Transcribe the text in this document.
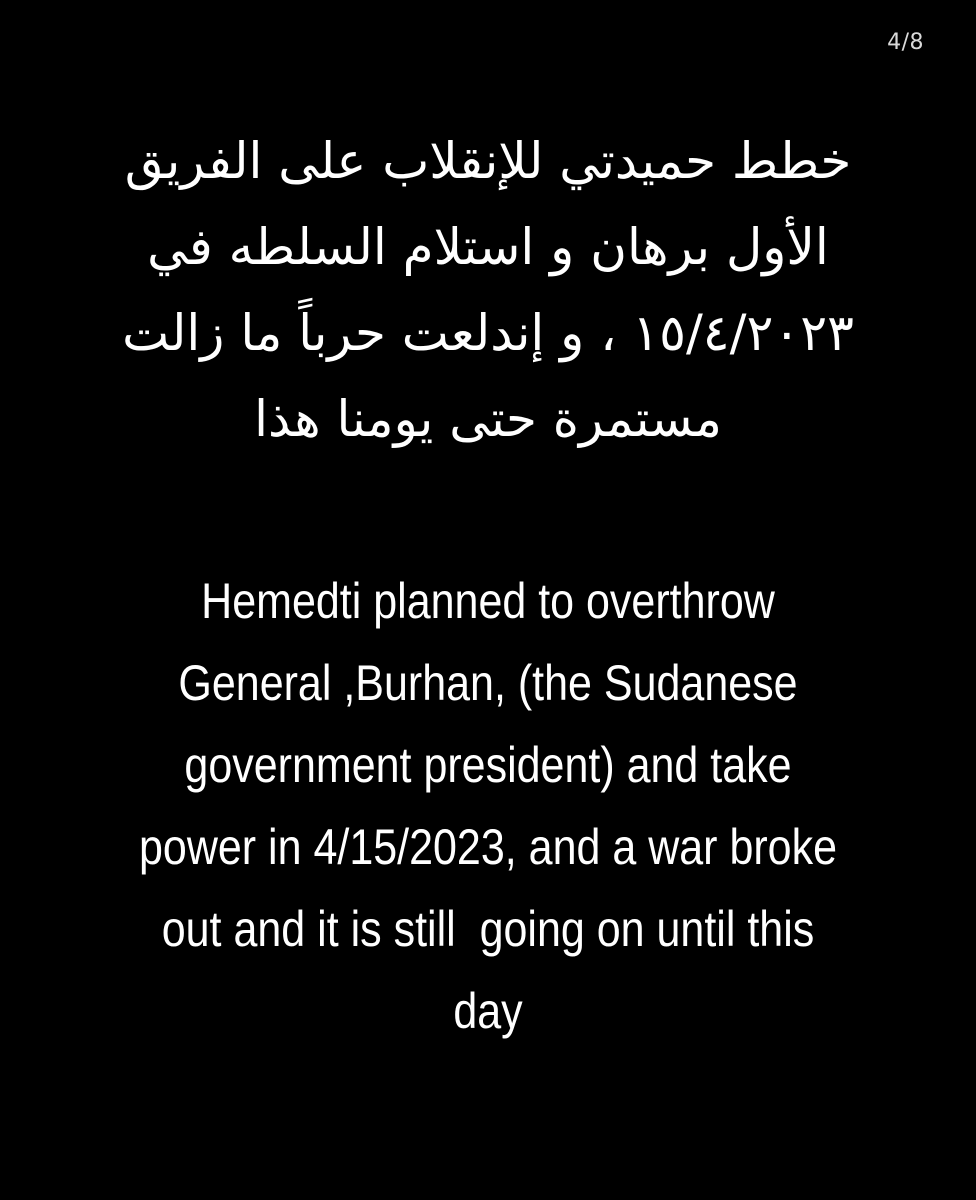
4/8
خطط حميدتي للإنقلاب على الفريق
الأول برهان و استلام السلطه في
١٥/٤/٢٠٢٣ ، و إندلعت حرباً ما زالت
مستمرة حتى يومنا هذا
Hemedti planned to overthrow
General ,Burhan, (the Sudanese
government president) and take
power in 4/15/2023, and a war broke
out and it is still  going on until this
day
